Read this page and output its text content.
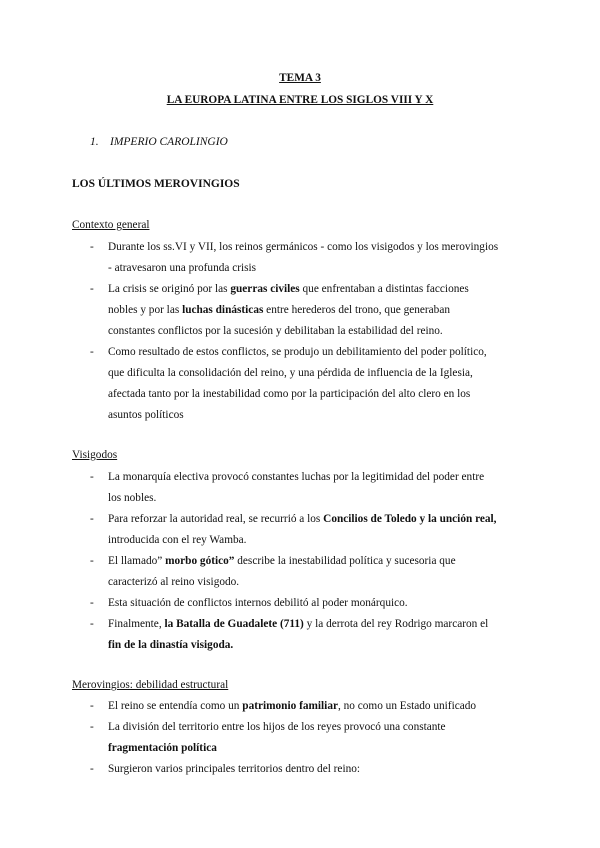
TEMA 3
LA EUROPA LATINA ENTRE LOS SIGLOS VIII Y X
1. IMPERIO CAROLINGIO
LOS ÚLTIMOS MEROVINGIOS
Contexto general
- Durante los ss.VI y VII, los reinos germánicos - como los visigodos y los merovingios
- atravesaron una profunda crisis
- La crisis se originó por las guerras civiles que enfrentaban a distintas facciones
nobles y por las luchas dinásticas entre herederos del trono, que generaban
constantes conflictos por la sucesión y debilitaban la estabilidad del reino.
- Como resultado de estos conflictos, se produjo un debilitamiento del poder político,
que dificulta la consolidación del reino, y una pérdida de influencia de la Iglesia,
afectada tanto por la inestabilidad como por la participación del alto clero en los
asuntos políticos
Visigodos
- La monarquía electiva provocó constantes luchas por la legitimidad del poder entre
los nobles.
- Para reforzar la autoridad real, se recurrió a los Concilios de Toledo y la unción real,
introducida con el rey Wamba.
- El llamado” morbo gótico” describe la inestabilidad política y sucesoria que
caracterizó al reino visigodo.
- Esta situación de conflictos internos debilitó al poder monárquico.
- Finalmente, la Batalla de Guadalete (711) y la derrota del rey Rodrigo marcaron el
fin de la dinastía visigoda.
Merovingios: debilidad estructural
- El reino se entendía como un patrimonio familiar, no como un Estado unificado
- La división del territorio entre los hijos de los reyes provocó una constante
fragmentación política
- Surgieron varios principales territorios dentro del reino:
